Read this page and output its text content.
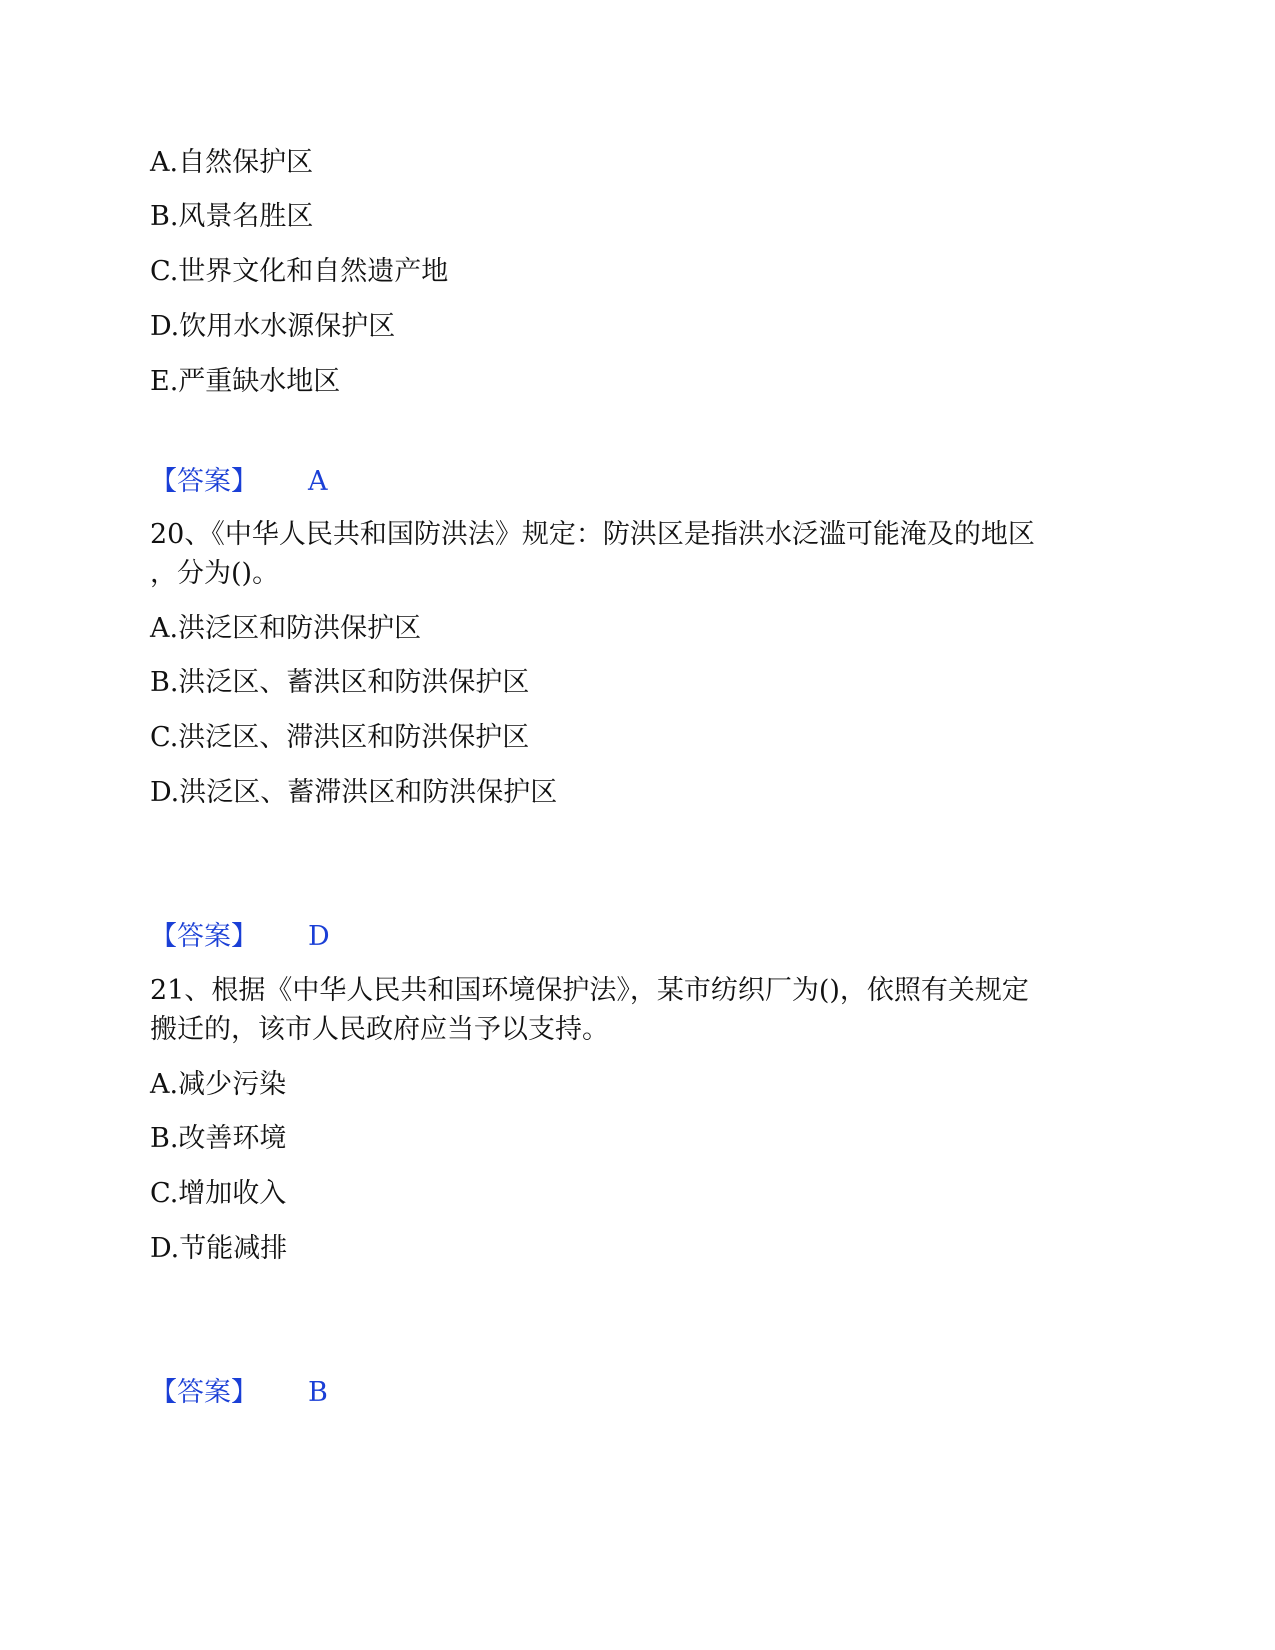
A.自然保护区
B.风景名胜区
C.世界文化和自然遗产地
D.饮用水水源保护区
E.严重缺水地区
【答案】 A
20、《中华人民共和国防洪法》规定：防洪区是指洪水泛滥可能淹及的地区
，分为()。
A.洪泛区和防洪保护区
B.洪泛区、蓄洪区和防洪保护区
C.洪泛区、滞洪区和防洪保护区
D.洪泛区、蓄滞洪区和防洪保护区
【答案】 D
21、根据《中华人民共和国环境保护法》，某市纺织厂为()，依照有关规定
搬迁的，该市人民政府应当予以支持。
A.减少污染
B.改善环境
C.增加收入
D.节能减排
【答案】 B
